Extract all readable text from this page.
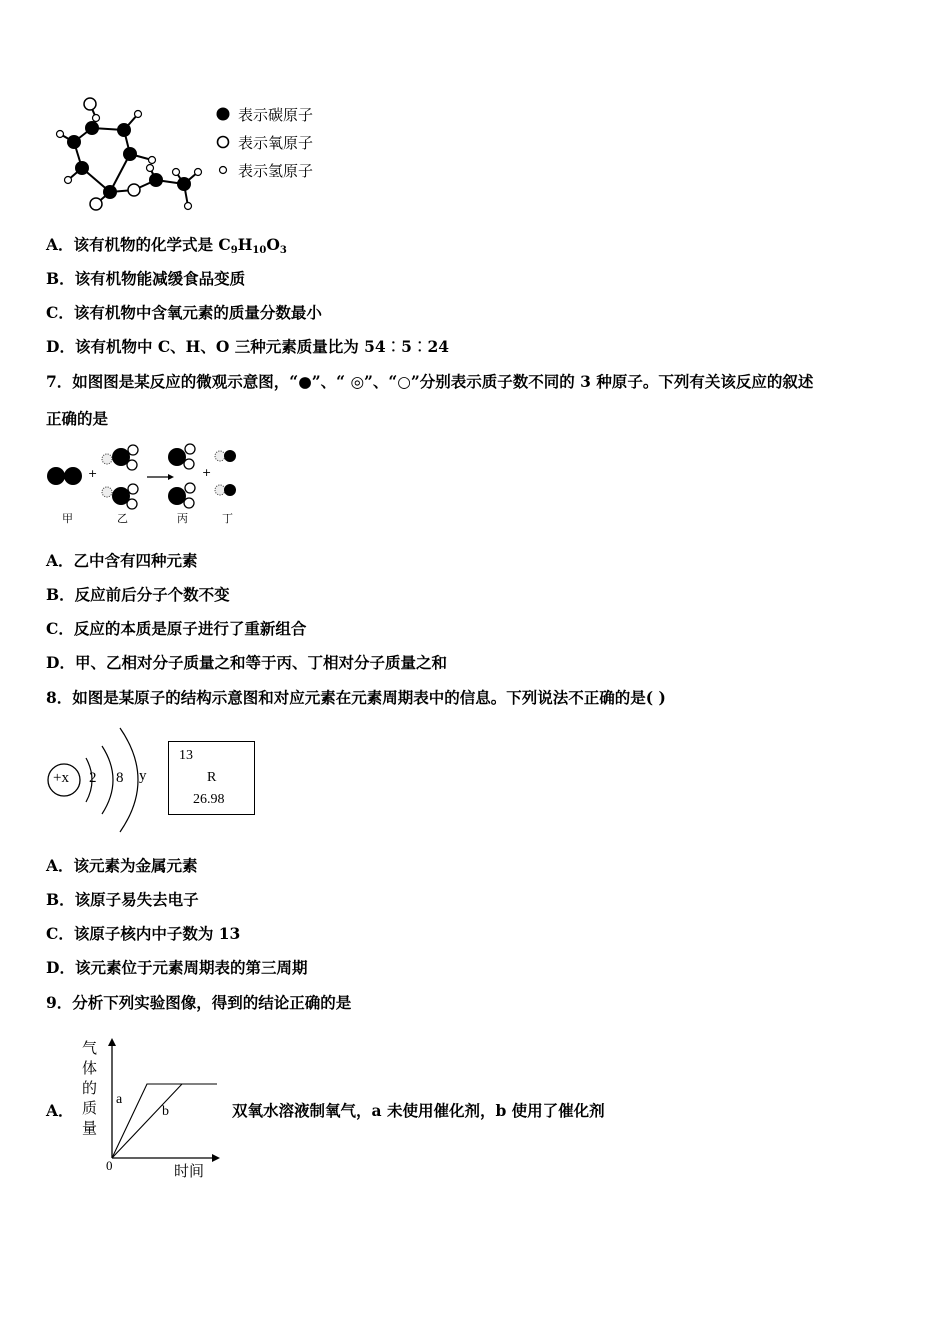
表示碳原子
表示氧原子
表示氢原子
A．该有机物的化学式是 $C_9H_{10}O_3$
B．该有机物能减缓食品变质
C．该有机物中含氧元素的质量分数最小
D．该有机物中 C、H、O 三种元素质量比为 54︰5︰24
7．如图图是某反应的微观示意图，“●”、“ ◎”、“○”分别表示质子数不同的 3 种原子。下列有关该反应的叙述
正确的是
+	+
甲	乙	丙	丁
A．乙中含有四种元素
B．反应前后分子个数不变
C．反应的本质是原子进行了重新组合
D．甲、乙相对分子质量之和等于丙、丁相对分子质量之和
8．如图是某原子的结构示意图和对应元素在元素周期表中的信息。下列说法不正确的是( )
+x 2 8 y
13
R
26.98
A．该元素为金属元素
B．该原子易失去电子
C．该原子核内中子数为 13
D．该元素位于元素周期表的第三周期
9．分析下列实验图像，得到的结论正确的是
气体的质量
a
b
0	时间
A．	双氧水溶液制氧气，a 未使用催化剂，b 使用了催化剂
